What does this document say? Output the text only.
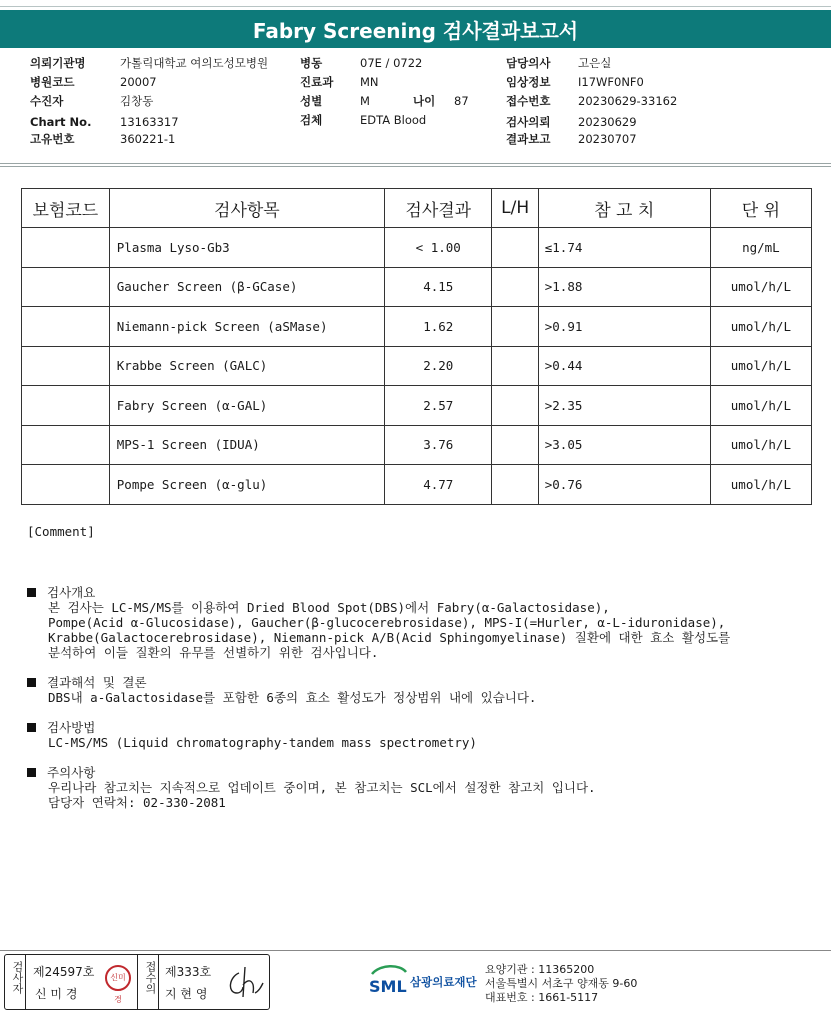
Fabry Screening 검사결과보고서
의뢰기관명	가톨릭대학교 여의도성모병원
병원코드	20007
수진자	김창동
Chart No. 13163317
고유번호	360221-1
병동	07E / 0722
진료과 MN
성별	M	나이 87
검체	EDTA Blood
담당의사 고은실
임상정보 I17WF0NF0
접수번호 20230629-33162
검사의뢰 20230629
결과보고 20230707
보험코드	검사항목	검사결과	L/H	참 고 치	단 위
	Plasma Lyso-Gb3	< 1.00		≤1.74	ng/mL
	Gaucher Screen (β-GCase)	4.15		>1.88	umol/h/L
	Niemann-pick Screen (aSMase)	1.62		>0.91	umol/h/L
	Krabbe Screen (GALC)	2.20		>0.44	umol/h/L
	Fabry Screen (α-GAL)	2.57		>2.35	umol/h/L
	MPS-1 Screen (IDUA)	3.76		>3.05	umol/h/L
	Pompe Screen (α-glu)	4.77		>0.76	umol/h/L
[Comment]
검사개요
본 검사는 LC-MS/MS를 이용하여 Dried Blood Spot(DBS)에서 Fabry(α-Galactosidase),
Pompe(Acid α-Glucosidase), Gaucher(β-glucocerebrosidase), MPS-I(=Hurler, α-L-iduronidase),
Krabbe(Galactocerebrosidase), Niemann-pick A/B(Acid Sphingomyelinase) 질환에 대한 효소 활성도를
분석하여 이들 질환의 유무를 선별하기 위한 검사입니다.
결과해석 및 결론
DBS내 a-Galactosidase를 포함한 6종의 효소 활성도가 정상범위 내에 있습니다.
검사방법
LC-MS/MS (Liquid chromatography-tandem mass spectrometry)
주의사항
우리나라 참고치는 지속적으로 업데이트 중이며, 본 참고치는 SCL에서 설정한 참고치 입니다.
담당자 연락처: 02-330-2081
검사자 제24597호
신 미 경
신미경
접수의 제333호
지 현 영	SML 삼광의료재단
요양기관 : 11365200
서울특별시 서초구 양재동 9-60
대표번호 : 1661-5117
